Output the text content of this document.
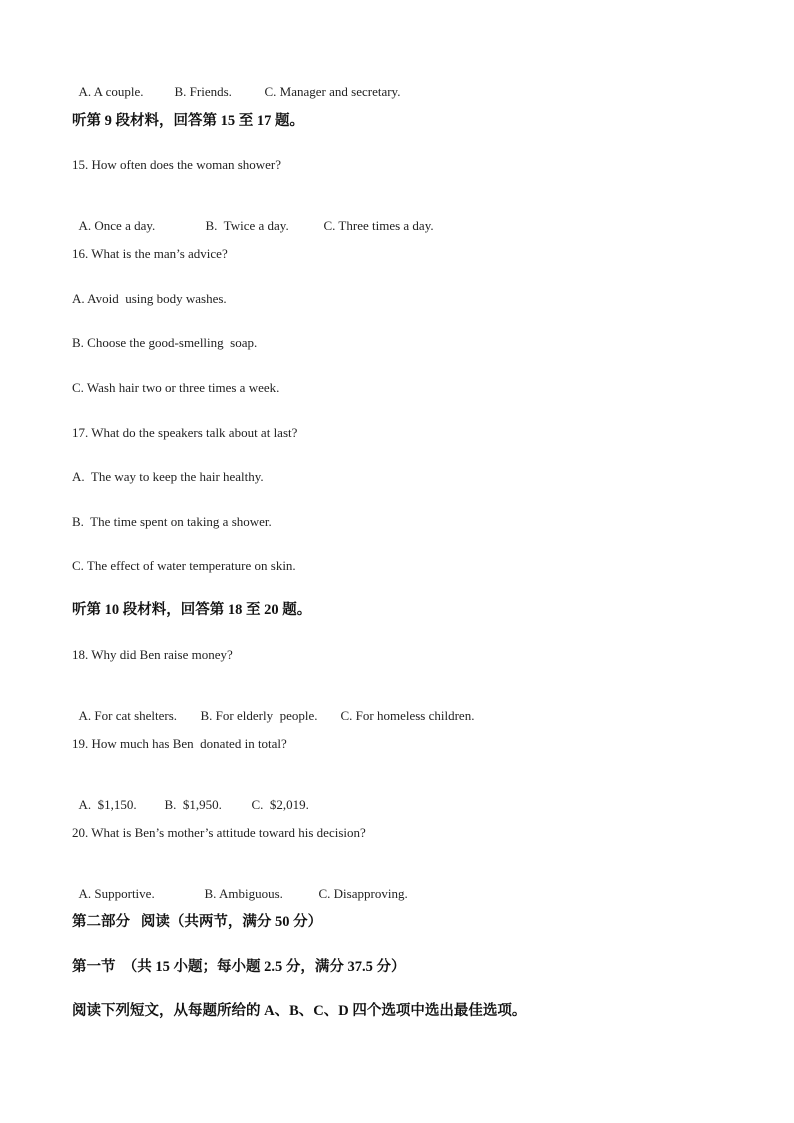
A. A couple. B. Friends.	C. Manager and secretary.

听第 9 段材料，回答第 15 至 17 题。
15. How often does the woman shower?

A. Once a day.	B.  Twice a day.	C. Three times a day.

16. What is the man’s advice?
A. Avoid  using body washes.
B. Choose the good-smelling  soap.
C. Wash hair two or three times a week.
17. What do the speakers talk about at last?
A.  The way to keep the hair healthy.
B.  The time spent on taking a shower.
C. The effect of water temperature on skin.
听第 10 段材料，回答第 18 至 20 题。
18. Why did Ben raise money?

A. For cat shelters. B. For elderly  people. C. For homeless children.

19. How much has Ben  donated in total?

A.  $1,150. B.  $1,950. C.  $2,019.

20. What is Ben’s mother’s attitude toward his decision?

A. Supportive.	B. Ambiguous.	C. Disapproving.

第二部分   阅读（共两节，满分 50 分）
第一节  （共 15 小题；每小题 2.5 分，满分 37.5 分）
阅读下列短文，从每题所给的 A、B、C、D 四个选项中选出最佳选项。
